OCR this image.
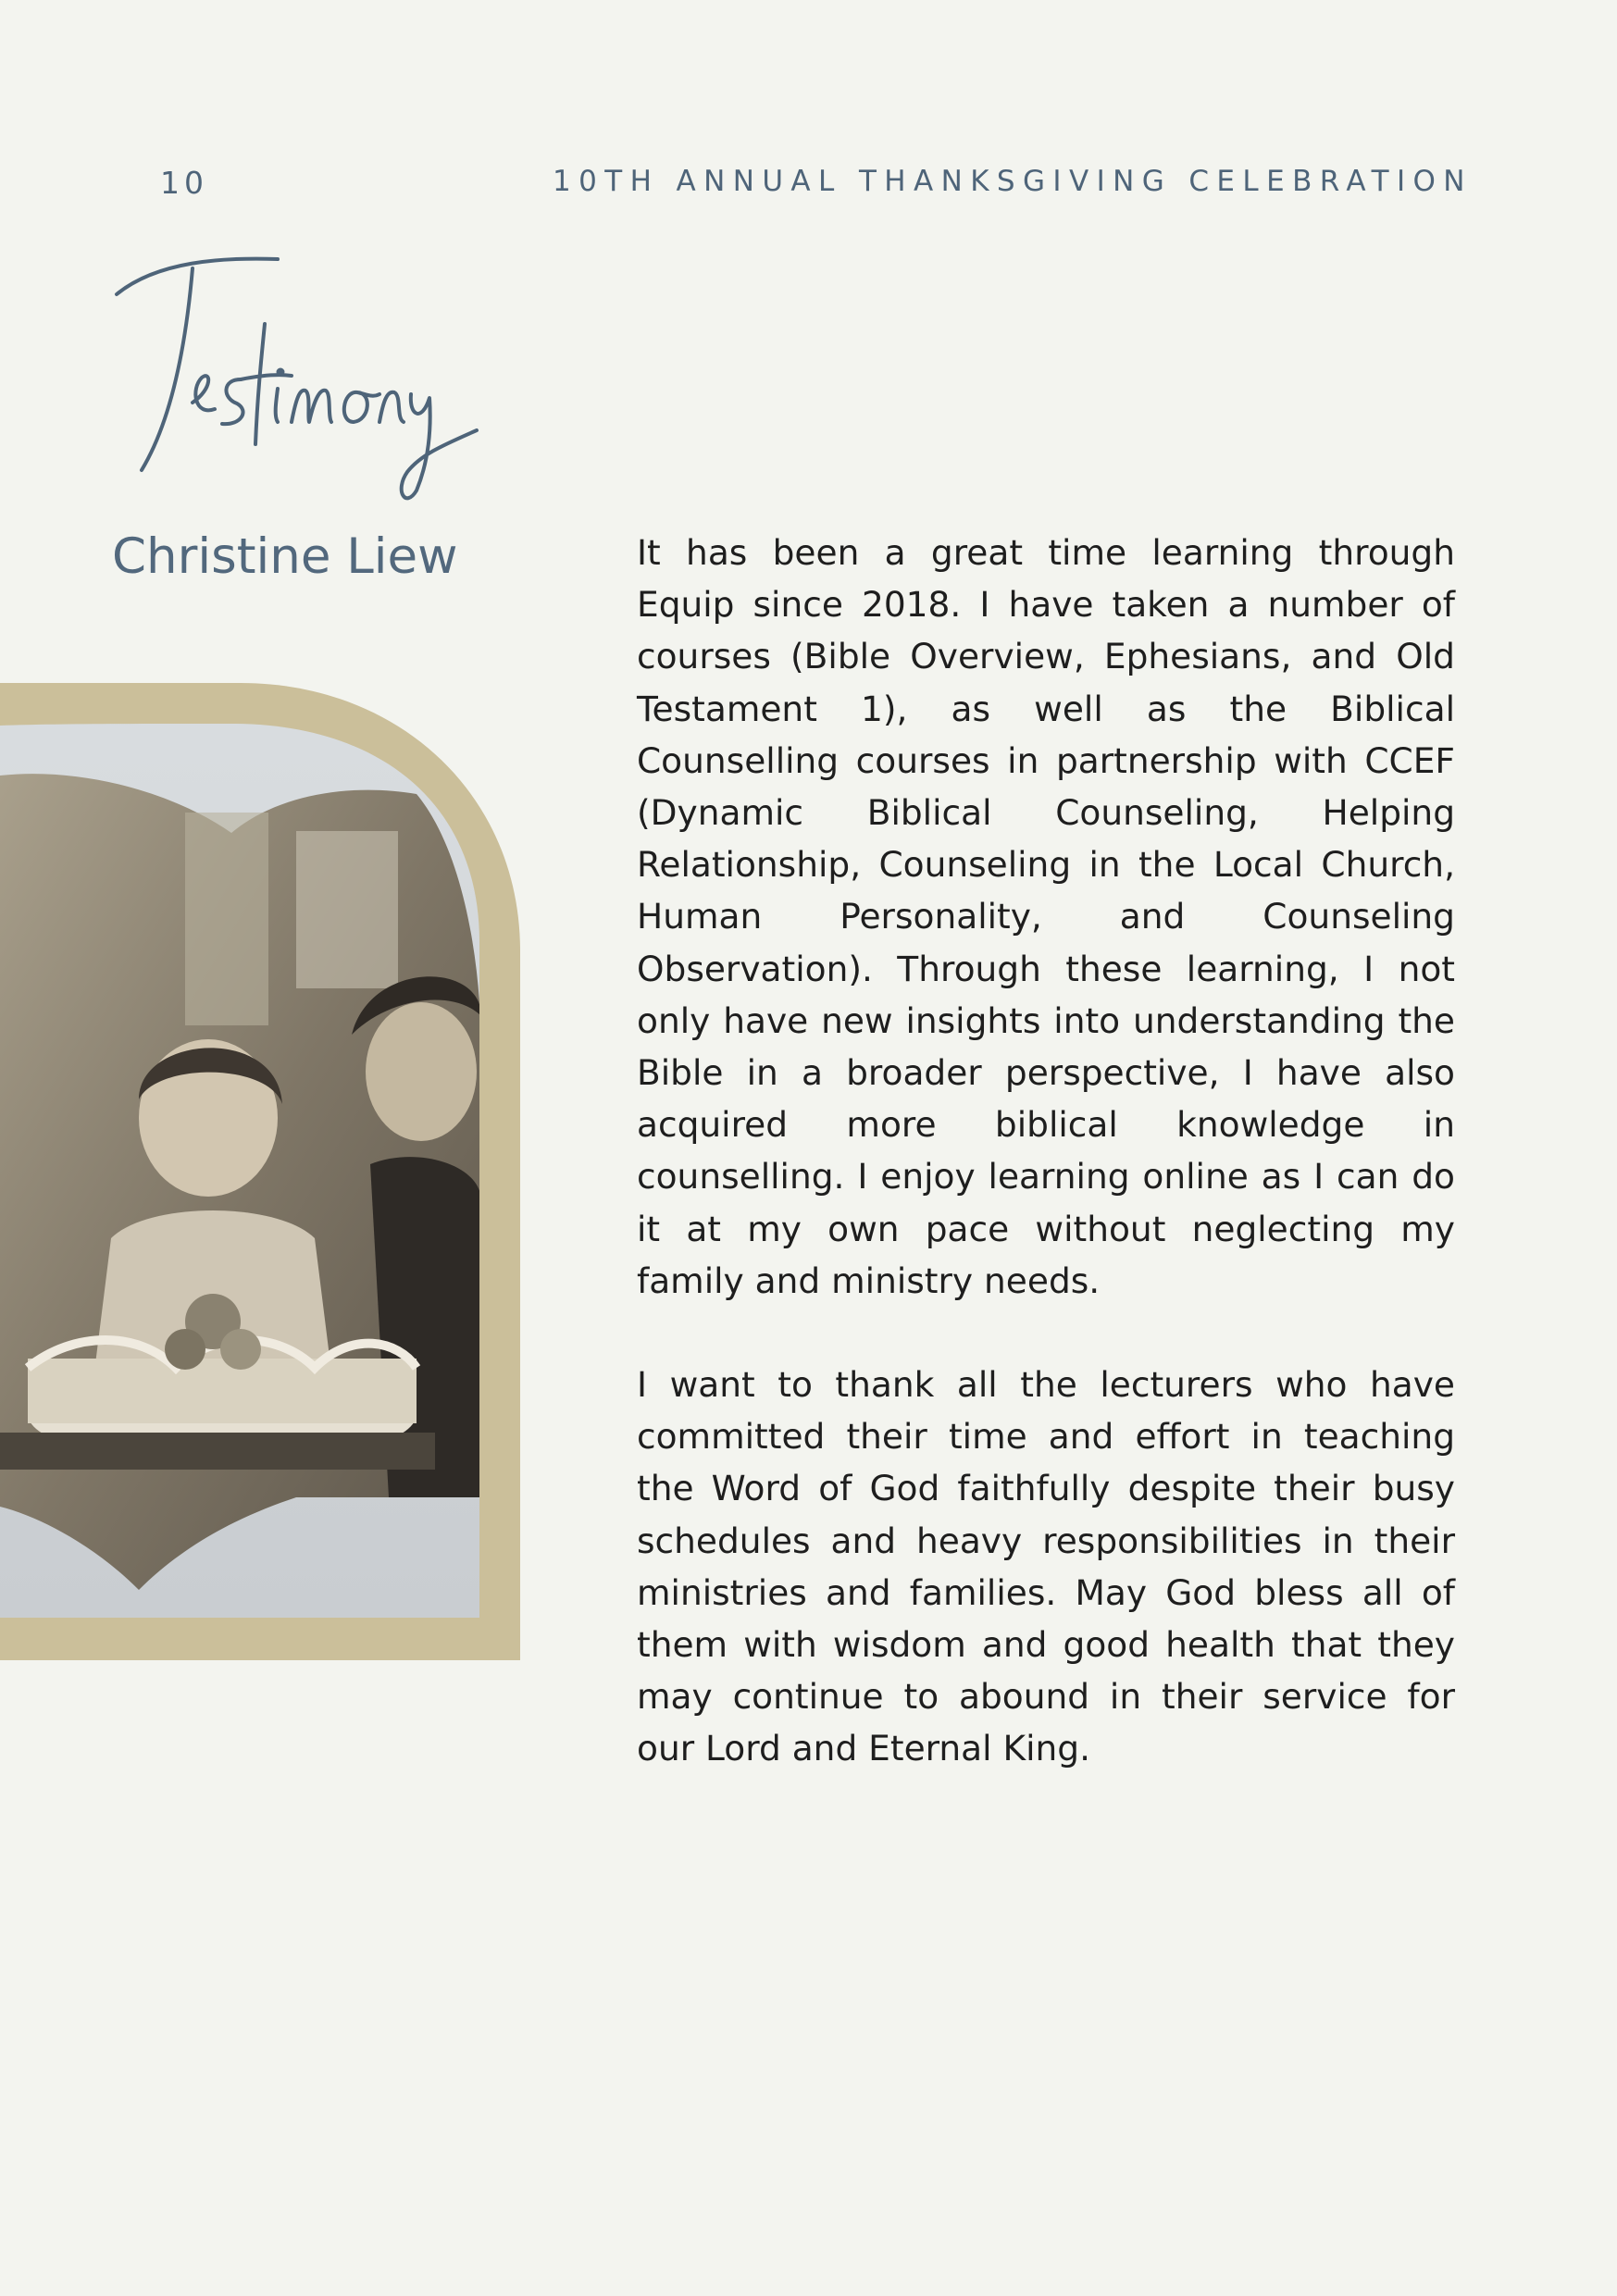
10	10TH ANNUAL THANKSGIVING CELEBRATION
Christine Liew	It has been a great time learning through Equip since 2018. I have taken a number of courses (Bible Overview, Ephesians, and Old Testament 1), as well as the Biblical Counselling courses in partnership with CCEF (Dynamic Biblical Counseling, Helping Relationship, Counseling in the Local Church, Human Personality, and Counseling Observation). Through these learning, I not only have new insights into understanding the Bible in a broader perspective, I have also acquired more biblical knowledge in counselling. I enjoy learning online as I can do it at my own pace without neglecting my family and ministry needs.

I want to thank all the lecturers who have committed their time and effort in teaching the Word of God faithfully despite their busy schedules and heavy responsibilities in their ministries and families. May God bless all of them with wisdom and good health that they may continue to abound in their service for our Lord and Eternal King.
